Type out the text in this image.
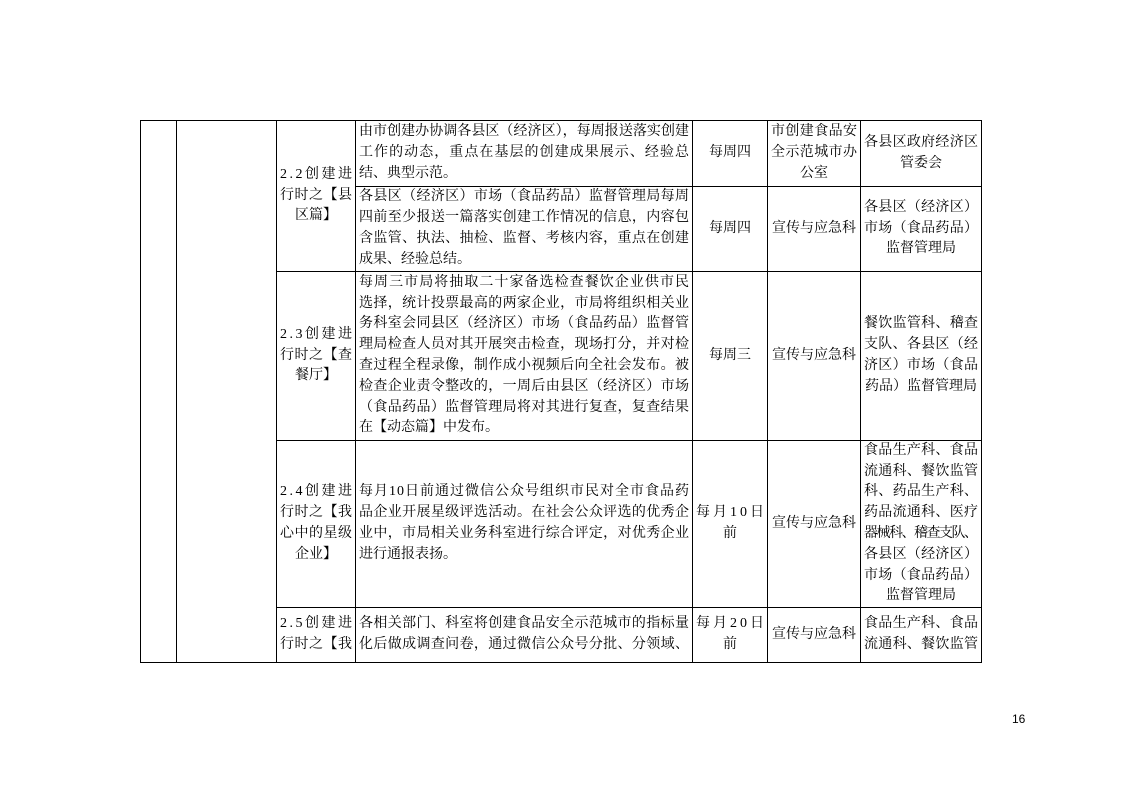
2.2创建进
行时之【县
区篇】
由市创建办协调各县区（经济区），每周报送落实创建
工作的动态，重点在基层的创建成果展示、经验总
结、典型示范。
每周四
市创建食品安
全示范城市办
公室
各县区政府经济区
管委会
各县区（经济区）市场（食品药品）监督管理局每周
四前至少报送一篇落实创建工作情况的信息，内容包
含监管、执法、抽检、监督、考核内容，重点在创建
成果、经验总结。
每周四	宣传与应急科
各县区（经济区）
市场（食品药品）
监督管理局
2.3创建进
行时之【查
餐厅】
每周三市局将抽取二十家备选检查餐饮企业供市民
选择，统计投票最高的两家企业，市局将组织相关业
务科室会同县区（经济区）市场（食品药品）监督管
理局检查人员对其开展突击检查，现场打分，并对检
查过程全程录像，制作成小视频后向全社会发布。被
检查企业责令整改的，一周后由县区（经济区）市场
（食品药品）监督管理局将对其进行复查，复查结果
在【动态篇】中发布。
每周三	宣传与应急科
餐饮监管科、稽查
支队、各县区（经
济区）市场（食品
药品）监督管理局
2.4创建进
行时之【我
心中的星级
企业】
每月10日前通过微信公众号组织市民对全市食品药
品企业开展星级评选活动。在社会公众评选的优秀企
业中，市局相关业务科室进行综合评定，对优秀企业
进行通报表扬。
每月10日
前
宣传与应急科
食品生产科、食品
流通科、餐饮监管
科、药品生产科、
药品流通科、医疗
器械科、稽查支队、
各县区（经济区）
市场（食品药品）
监督管理局
2.5创建进
行时之【我
各相关部门、科室将创建食品安全示范城市的指标量
化后做成调查问卷，通过微信公众号分批、分领域、
每月20日
前
宣传与应急科
食品生产科、食品
流通科、餐饮监管
16
